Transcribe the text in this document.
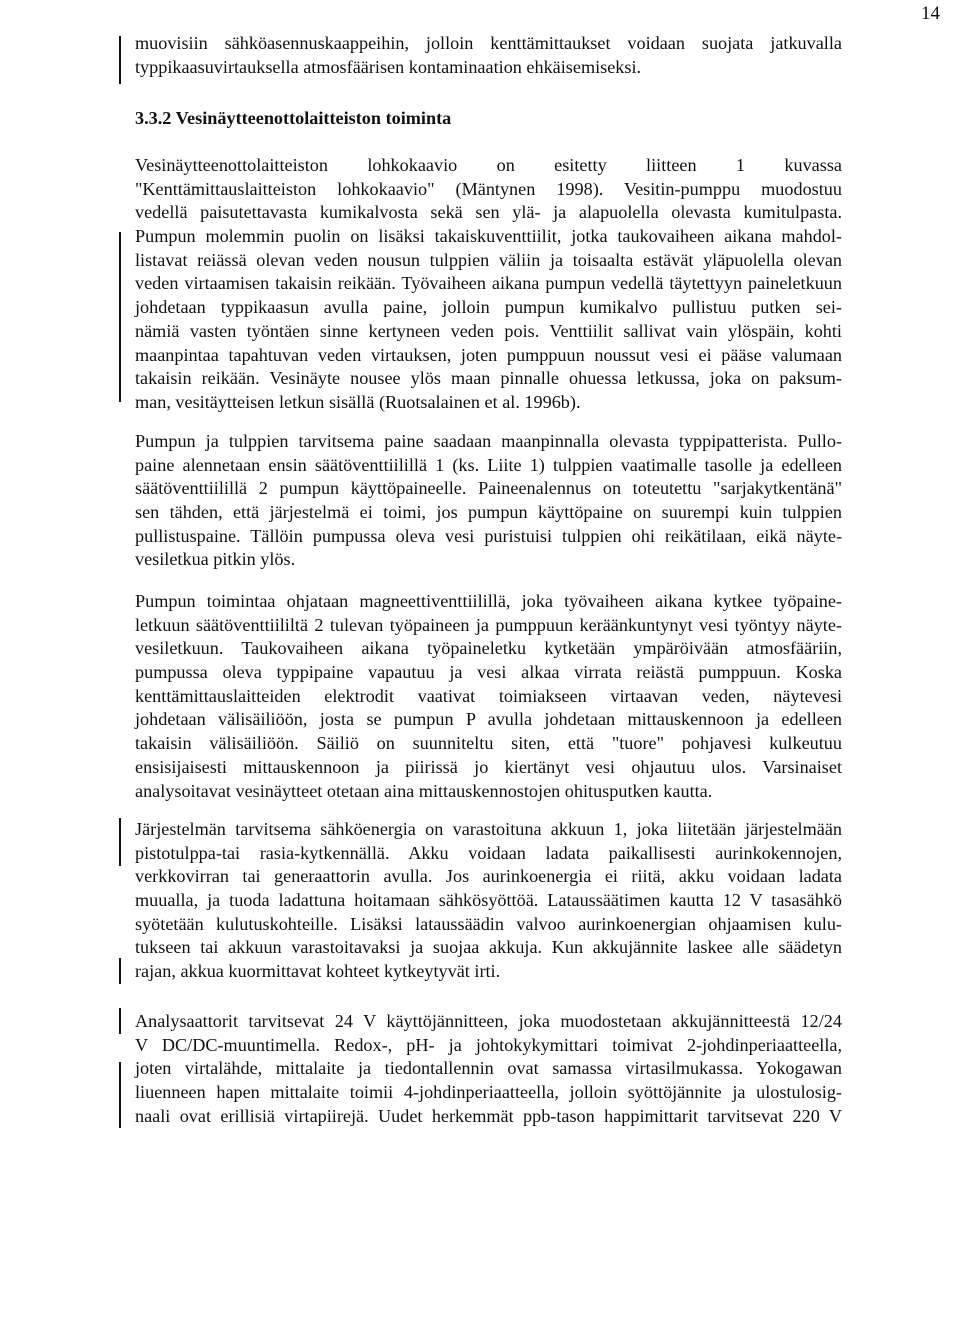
14
muovisiin sähköasennuskaappeihin, jolloin kenttämittaukset voidaan suojata jatkuvalla
typpikaasuvirtauksella atmosfäärisen kontaminaation ehkäisemiseksi.
3.3.2 Vesinäytteenottolaitteiston toiminta
Vesinäytteenottolaitteiston lohkokaavio on esitetty liitteen 1 kuvassa
"Kenttämittauslaitteiston lohkokaavio" (Mäntynen 1998). Vesitin-pumppu muodostuu
vedellä paisutettavasta kumikalvosta sekä sen ylä- ja alapuolella olevasta kumitulpasta.
Pumpun molemmin puolin on lisäksi takaiskuventtiilit, jotka taukovaiheen aikana mahdol-
listavat reiässä olevan veden nousun tulppien väliin ja toisaalta estävät yläpuolella olevan
veden virtaamisen takaisin reikään. Työvaiheen aikana pumpun vedellä täytettyyn paineletkuun johdetaan typpikaasun avulla paine, jolloin pumpun kumikalvo pullistuu putken sei-
nämiä vasten työntäen sinne kertyneen veden pois. Venttiilit sallivat vain ylöspäin, kohti
maanpintaa tapahtuvan veden virtauksen, joten pumppuun noussut vesi ei pääse valumaan
takaisin reikään. Vesinäyte nousee ylös maan pinnalle ohuessa letkussa, joka on paksum-
man, vesitäytteisen letkun sisällä (Ruotsalainen et al. 1996b).
Pumpun ja tulppien tarvitsema paine saadaan maanpinnalla olevasta typpipatterista. Pullo-
paine alennetaan ensin säätöventtiilillä 1 (ks. Liite 1) tulppien vaatimalle tasolle ja edelleen
säätöventtiilillä 2 pumpun käyttöpaineelle. Paineenalennus on toteutettu "sarjakytkentänä"
sen tähden, että järjestelmä ei toimi, jos pumpun käyttöpaine on suurempi kuin tulppien
pullistuspaine. Tällöin pumpussa oleva vesi puristuisi tulppien ohi reikätilaan, eikä näyte-
vesiletkua pitkin ylös.
Pumpun toimintaa ohjataan magneettiventtiilillä, joka työvaiheen aikana kytkee työpaine-
letkuun säätöventtiililtä 2 tulevan työpaineen ja pumppuun keräänkuntynyt vesi työntyy näyte-
vesiletkuun. Taukovaiheen aikana työpaineletku kytketään ympäröivään atmosfääriin,
pumpussa oleva typpipaine vapautuu ja vesi alkaa virrata reiästä pumppuun. Koska
kenttämittauslaitteiden elektrodit vaativat toimiakseen virtaavan veden, näytevesi
johdetaan välisäiliöön, josta se pumpun P avulla johdetaan mittauskennoon ja edelleen
takaisin välisäiliöön. Säiliö on suunniteltu siten, että "tuore" pohjavesi kulkeutuu
ensisijaisesti mittauskennoon ja piirissä jo kiertänyt vesi ohjautuu ulos. Varsinaiset
analysoitavat vesinäytteet otetaan aina mittauskennostojen ohitusputken kautta.
Järjestelmän tarvitsema sähköenergia on varastoituna akkuun 1, joka liitetään järjestelmään
pistotulppa-tai rasia-kytkennällä. Akku voidaan ladata paikallisesti aurinkokennojen,
verkkovirran tai generaattorin avulla. Jos aurinkoenergia ei riitä, akku voidaan ladata
muualla, ja tuoda ladattuna hoitamaan sähkösyöttöä. Lataussäätimen kautta 12 V tasasähkö
syötetään kulutuskohteille. Lisäksi lataussäädin valvoo aurinkoenergian ohjaamisen kulu-
tukseen tai akkuun varastoitavaksi ja suojaa akkuja. Kun akkujännite laskee alle säädetyn
rajan, akkua kuormittavat kohteet kytkeytyvät irti.
Analysaattorit tarvitsevat 24 V käyttöjännitteen, joka muodostetaan akkujännitteestä 12/24
V DC/DC-muuntimella. Redox-, pH- ja johtokykymittari toimivat 2-johdinperiaatteella,
joten virtalähde, mittalaite ja tiedontallennin ovat samassa virtasilmukassa. Yokogawan
liuenneen hapen mittalaite toimii 4-johdinperiaatteella, jolloin syöttöjännite ja ulostulosig-
naali ovat erillisiä virtapiirejä. Uudet herkemmät ppb-tason happimittarit tarvitsevat 220 V
